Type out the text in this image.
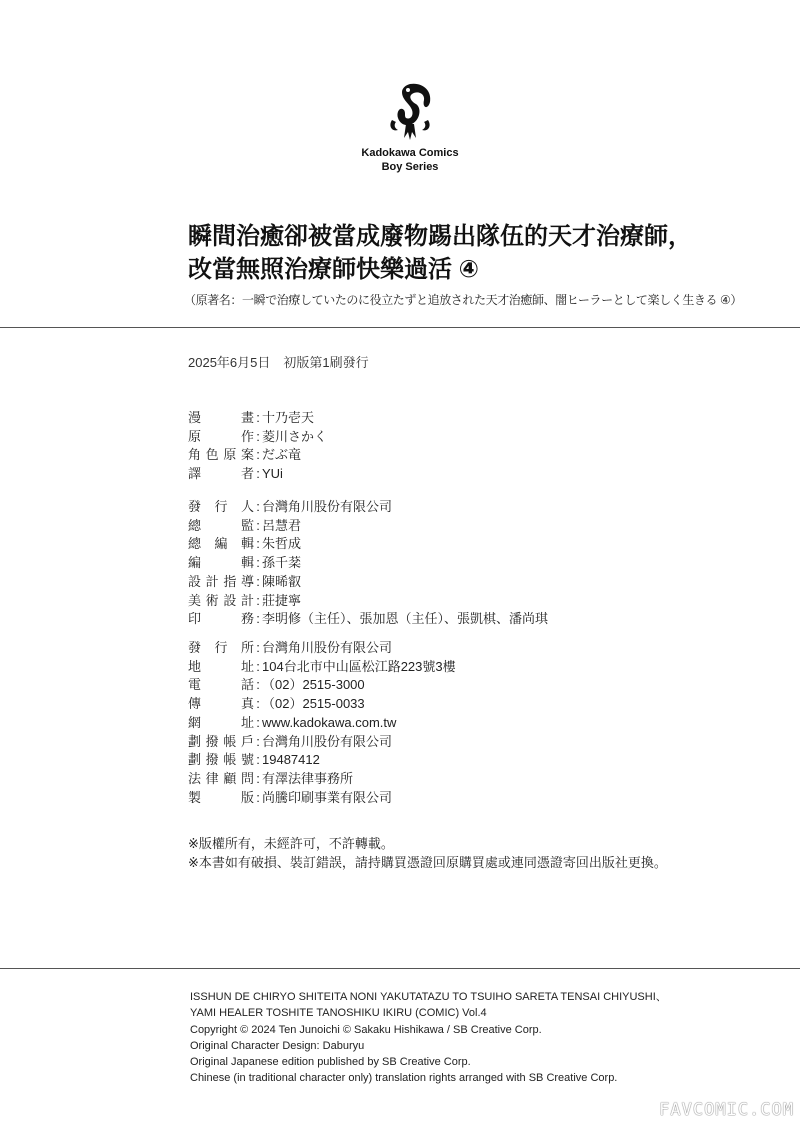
Kadokawa Comics
Boy Series
瞬間治癒卻被當成廢物踢出隊伍的天才治療師，
改當無照治療師快樂過活 ④
（原著名：一瞬で治療していたのに役立たずと追放された天才治癒師、闇ヒーラーとして楽しく生きる ④）
2025年6月5日　初版第1刷發行
漫畫 : 十乃壱天
原作 : 菱川さかく
角色原案 : だぶ竜
譯者 : YUi
發行人 : 台灣角川股份有限公司
總監 : 呂慧君
總編輯 : 朱哲成
編輯 : 孫千棻
設計指導 : 陳晞叡
美術設計 : 莊捷寧
印務 : 李明修（主任）、張加恩（主任）、張凱棋、潘尚琪
發行所 : 台灣角川股份有限公司
地址 : 104台北市中山區松江路223號3樓
電話 : （02）2515-3000
傳真 : （02）2515-0033
網址 : www.kadokawa.com.tw
劃撥帳戶 : 台灣角川股份有限公司
劃撥帳號 : 19487412
法律顧問 : 有澤法律事務所
製版 : 尚騰印刷事業有限公司
※版權所有，未經許可，不許轉載。
※本書如有破損、裝訂錯誤，請持購買憑證回原購買處或連同憑證寄回出版社更換。
ISSHUN DE CHIRYO SHITEITA NONI YAKUTATAZU TO TSUIHO SARETA TENSAI CHIYUSHI、
YAMI HEALER TOSHITE TANOSHIKU IKIRU (COMIC) Vol.4
Copyright © 2024 Ten Junoichi © Sakaku Hishikawa / SB Creative Corp.
Original Character Design: Daburyu
Original Japanese edition published by SB Creative Corp.
Chinese (in traditional character only) translation rights arranged with SB Creative Corp.
FAVCOMIC.COM
